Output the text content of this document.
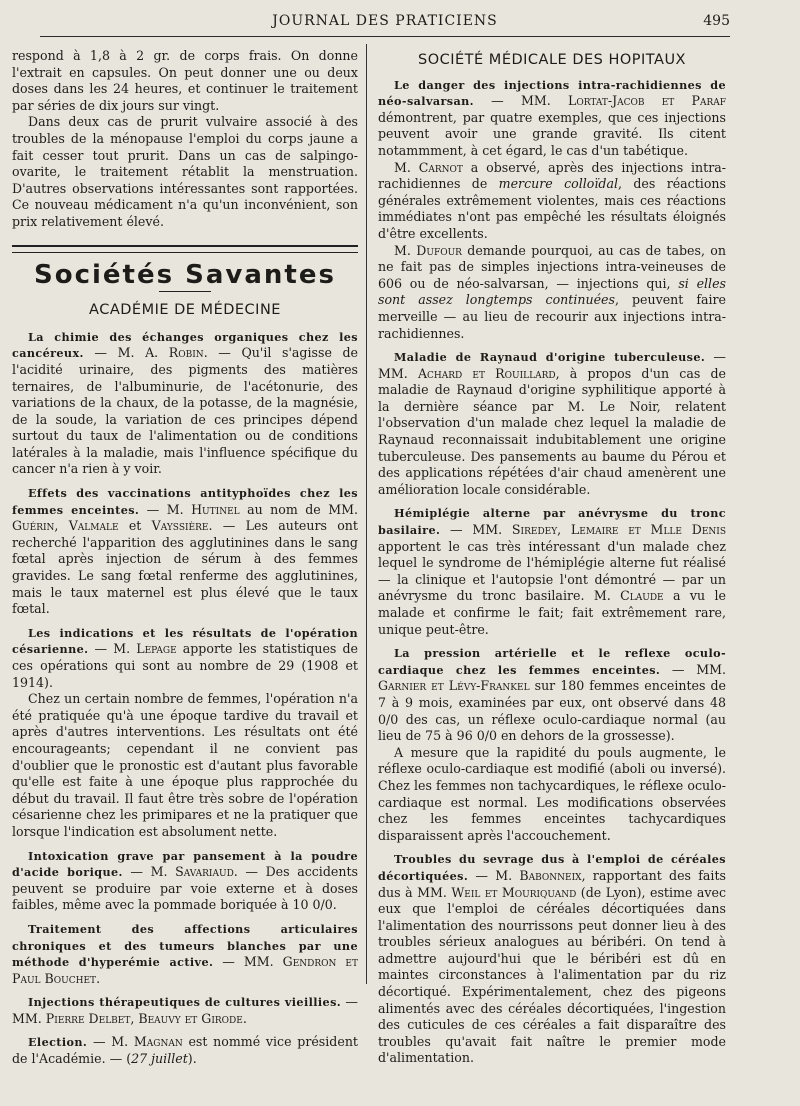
JOURNAL DES PRATICIENS	495

respond à 1,8 à 2 gr. de corps frais. On donne l'extrait en capsules. On peut donner une ou deux doses dans les 24 heures, et continuer le traitement par séries de dix jours sur vingt.

Dans deux cas de prurit vulvaire associé à des troubles de la ménopause l'emploi du corps jaune a fait cesser tout prurit. Dans un cas de salpingo-ovarite, le traitement rétablit la menstruation. D'autres observations intéressantes sont rapportées. Ce nouveau médicament n'a qu'un inconvénient, son prix relativement élevé.

Sociétés Savantes
ACADÉMIE DE MÉDECINE

La chimie des échanges organiques chez les cancéreux. — M. A. Robin. — Qu'il s'agisse de l'acidité urinaire, des pigments des matières ternaires, de l'albuminurie, de l'acétonurie, des variations de la chaux, de la potasse, de la magnésie, de la soude, la variation de ces principes dépend surtout du taux de l'alimentation ou de conditions latérales à la maladie, mais l'influence spécifique du cancer n'a rien à y voir.

Effets des vaccinations antityphoïdes chez les femmes enceintes. — M. Hutinel au nom de MM. Guérin, Valmale et Vayssière. — Les auteurs ont recherché l'apparition des agglutinines dans le sang fœtal après injection de sérum à des femmes gravides. Le sang fœtal renferme des agglutinines, mais le taux maternel est plus élevé que le taux fœtal.

Les indications et les résultats de l'opération césarienne. — M. Lepage apporte les statistiques de ces opérations qui sont au nombre de 29 (1908 et 1914).

Chez un certain nombre de femmes, l'opération n'a été pratiquée qu'à une époque tardive du travail et après d'autres interventions. Les résultats ont été encourageants; cependant il ne convient pas d'oublier que le pronostic est d'autant plus favorable qu'elle est faite à une époque plus rapprochée du début du travail. Il faut être très sobre de l'opération césarienne chez les primipares et ne la pratiquer que lorsque l'indication est absolument nette.

Intoxication grave par pansement à la poudre d'acide borique. — M. Savariaud. — Des accidents peuvent se produire par voie externe et à doses faibles, même avec la pommade boriquée à 10 0/0.

Traitement des affections articulaires chroniques et des tumeurs blanches par une méthode d'hyperémie active. — MM. Gendron et Paul Bouchet.

Injections thérapeutiques de cultures vieillies. — MM. Pierre Delbet, Beauvy et Girode.

Election. — M. Magnan est nommé vice président de l'Académie. — (27 juillet).

SOCIÉTÉ MÉDICALE DES HOPITAUX

Le danger des injections intra-rachidiennes de néo-salvarsan. — MM. Lortat-Jacob et Paraf démontrent, par quatre exemples, que ces injections peuvent avoir une grande gravité. Ils citent notammment, à cet égard, le cas d'un tabétique.

M. Carnot a observé, après des injections intra-rachidiennes de mercure colloïdal, des réactions générales extrêmement violentes, mais ces réactions immédiates n'ont pas empêché les résultats éloignés d'être excellents.

M. Dufour demande pourquoi, au cas de tabes, on ne fait pas de simples injections intra-veineuses de 606 ou de néo-salvarsan, — injections qui, si elles sont assez longtemps continuées, peuvent faire merveille — au lieu de recourir aux injections intra-rachidiennes.

Maladie de Raynaud d'origine tuberculeuse. — MM. Achard et Rouillard, à propos d'un cas de maladie de Raynaud d'origine syphilitique apporté à la dernière séance par M. Le Noir, relatent l'observation d'un malade chez lequel la maladie de Raynaud reconnaissait indubitablement une origine tuberculeuse. Des pansements au baume du Pérou et des applications répétées d'air chaud amenèrent une amélioration locale considérable.

Hémiplégie alterne par anévrysme du tronc basilaire. — MM. Siredey, Lemaire et Mlle Denis apportent le cas très intéressant d'un malade chez lequel le syndrome de l'hémiplégie alterne fut réalisé — la clinique et l'autopsie l'ont démontré — par un anévrysme du tronc basilaire. M. Claude a vu le malade et confirme le fait; fait extrêmement rare, unique peut-être.

La pression artérielle et le reflexe oculo-cardiaque chez les femmes enceintes. — MM. Garnier et Lévy-Frankel sur 180 femmes enceintes de 7 à 9 mois, examinées par eux, ont observé dans 48 0/0 des cas, un réflexe oculo-cardiaque normal (au lieu de 75 à 96 0/0 en dehors de la grossesse).

A mesure que la rapidité du pouls augmente, le réflexe oculo-cardiaque est modifié (aboli ou inversé). Chez les femmes non tachycardiques, le réflexe oculo-cardiaque est normal. Les modifications observées chez les femmes enceintes tachycardiques disparaissent après l'accouchement.

Troubles du sevrage dus à l'emploi de céréales décortiquées. — M. Babonneix, rapportant des faits dus à MM. Weil et Mouriquand (de Lyon), estime avec eux que l'emploi de céréales décortiquées dans l'alimentation des nourrissons peut donner lieu à des troubles sérieux analogues au béribéri. On tend à admettre aujourd'hui que le béribéri est dû en maintes circonstances à l'alimentation par du riz décortiqué. Expérimentalement, chez des pigeons alimentés avec des céréales décortiquées, l'ingestion des cuticules de ces céréales a fait disparaître des troubles qu'avait fait naître le premier mode d'alimentation.
